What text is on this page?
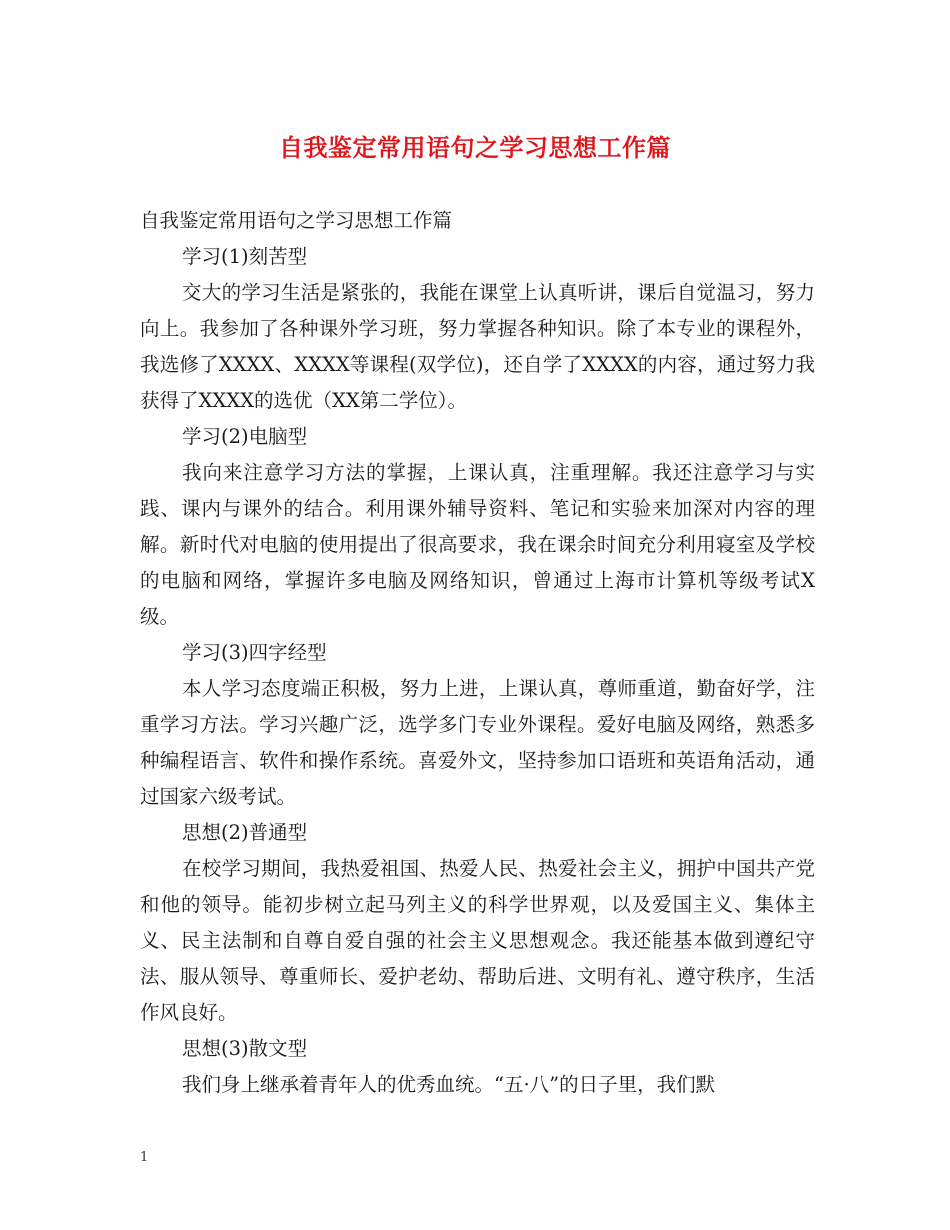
自我鉴定常用语句之学习思想工作篇

自我鉴定常用语句之学习思想工作篇

学习(1)刻苦型

交大的学习生活是紧张的，我能在课堂上认真听讲，课后自觉温习，努力向上。我参加了各种课外学习班，努力掌握各种知识。除了本专业的课程外，我选修了XXXX、XXXX等课程(双学位)，还自学了XXXX的内容，通过努力我获得了XXXX的选优（XX第二学位）。

学习(2)电脑型

我向来注意学习方法的掌握，上课认真，注重理解。我还注意学习与实践、课内与课外的结合。利用课外辅导资料、笔记和实验来加深对内容的理解。新时代对电脑的使用提出了很高要求，我在课余时间充分利用寝室及学校的电脑和网络，掌握许多电脑及网络知识，曾通过上海市计算机等级考试X级。

学习(3)四字经型

本人学习态度端正积极，努力上进，上课认真，尊师重道，勤奋好学，注重学习方法。学习兴趣广泛，选学多门专业外课程。爱好电脑及网络，熟悉多种编程语言、软件和操作系统。喜爱外文，坚持参加口语班和英语角活动，通过国家六级考试。

思想(2)普通型

在校学习期间，我热爱祖国、热爱人民、热爱社会主义，拥护中国共产党和他的领导。能初步树立起马列主义的科学世界观，以及爱国主义、集体主义、民主法制和自尊自爱自强的社会主义思想观念。我还能基本做到遵纪守法、服从领导、尊重师长、爱护老幼、帮助后进、文明有礼、遵守秩序，生活作风良好。

思想(3)散文型

我们身上继承着青年人的优秀血统。“五·八”的日子里，我们默

1
